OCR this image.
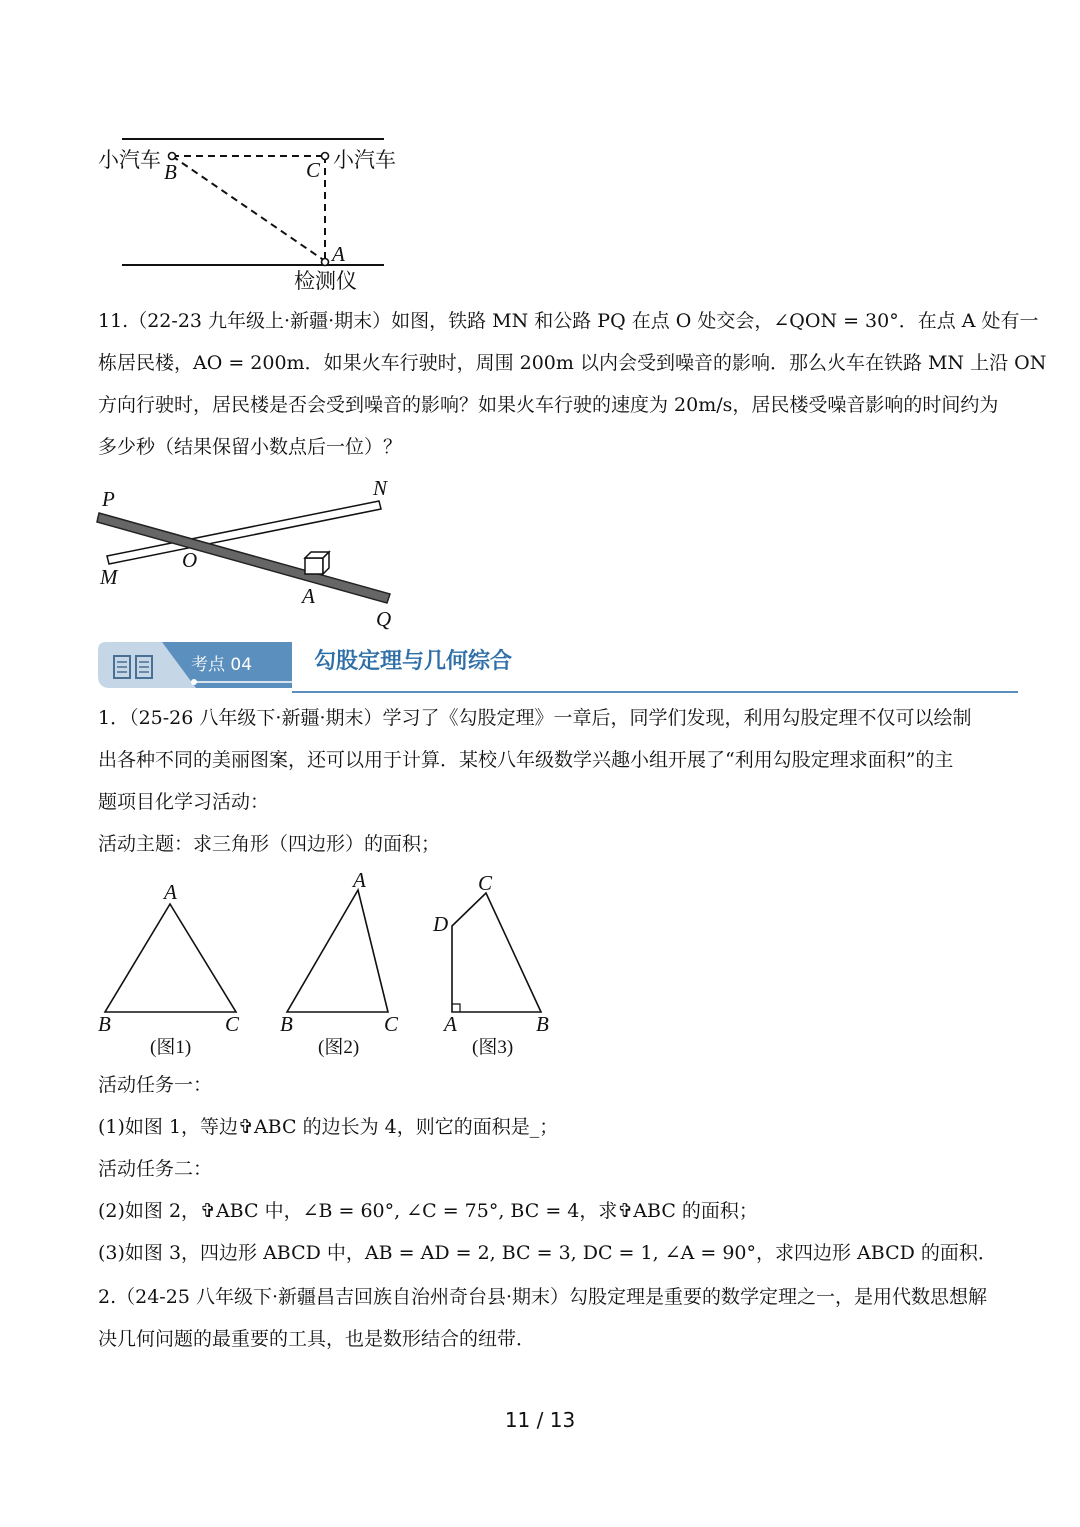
小汽车	小汽车
B	C
A
检测仪
11.（22-23 九年级上·新疆·期末）如图，铁路 MN 和公路 PQ 在点 O 处交会，∠QON = 30°．在点 A 处有一
栋居民楼，AO = 200m．如果火车行驶时，周围 200m 以内会受到噪音的影响．那么火车在铁路 MN 上沿 ON
方向行驶时，居民楼是否会受到噪音的影响？如果火车行驶的速度为 20m/s，居民楼受噪音影响的时间约为
多少秒（结果保留小数点后一位）？
P	N
M
O
A
Q
考点 04	勾股定理与几何综合
1．（25-26 八年级下·新疆·期末）学习了《勾股定理》一章后，同学们发现，利用勾股定理不仅可以绘制
出各种不同的美丽图案，还可以用于计算．某校八年级数学兴趣小组开展了“利用勾股定理求面积”的主
题项目化学习活动：
活动主题：求三角形（四边形）的面积；
A
B	C
(图1)
A
B	C
(图2)
C
D
A	B
(图3)
活动任务一：
(1)如图 1，等边✞ABC 的边长为 4，则它的面积是_；
活动任务二：
(2)如图 2，✞ABC 中，∠B = 60°, ∠C = 75°, BC = 4，求✞ABC 的面积；
(3)如图 3，四边形 ABCD 中，AB = AD = 2, BC = 3, DC = 1, ∠A = 90°，求四边形 ABCD 的面积．
2.（24-25 八年级下·新疆昌吉回族自治州奇台县·期末）勾股定理是重要的数学定理之一，是用代数思想解
决几何问题的最重要的工具，也是数形结合的纽带．
11 / 13
